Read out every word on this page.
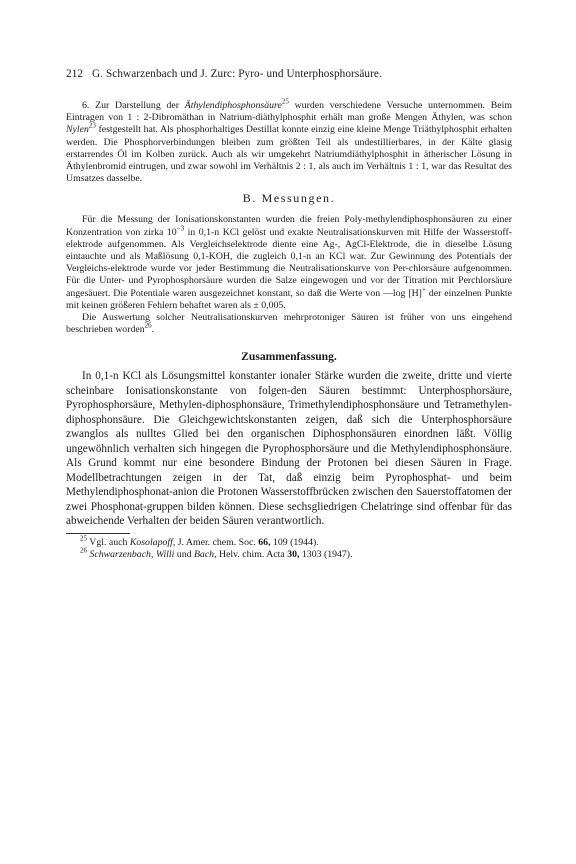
212 G. Schwarzenbach und J. Zurc: Pyro- und Unterphosphorsäure.

6. Zur Darstellung der Äthylendiphosphonsäure$^{25}$ wurden verschiedene Versuche unternommen. Beim Eintragen von 1 : 2-Dibromäthan in Natrium-diäthylphosphit erhält man große Mengen Äthylen, was schon Nylen$^{23}$ festgestellt hat. Als phosphorhaltiges Destillat konnte einzig eine kleine Menge Triäthylphosphit erhalten werden. Die Phosphorverbindungen bleiben zum größten Teil als undestillierbares, in der Kälte glasig erstarrendes Öl im Kolben zurück. Auch als wir umgekehrt Natriumdiäthylphosphit in ätherischer Lösung in Äthylenbromid eintrugen, und zwar sowohl im Verhältnis 2 : 1, als auch im Verhältnis 1 : 1, war das Resultat des Umsatzes dasselbe.

B. Messungen.

Für die Messung der Ionisationskonstanten wurden die freien Poly-methylendiphosphonsäuren zu einer Konzentration von zirka $10^{-3}$ in 0,1-n KCl gelöst und exakte Neutralisationskurven mit Hilfe der Wasserstoff-elektrode aufgenommen. Als Vergleichselektrode diente eine Ag-, AgCl-Elektrode, die in dieselbe Lösung eintauchte und als Maßlösung 0,1-KOH, die zugleich 0,1-n an KCl war. Zur Gewinnung des Potentials der Vergleichs-elektrode wurde vor jeder Bestimmung die Neutralisationskurve von Per-chlorsäure aufgenommen. Für die Unter- und Pyrophosphorsäure wurden die Salze eingewogen und vor der Titration mit Perchlorsäure angesäuert. Die Potentiale waren ausgezeichnet konstant, so daß die Werte von —log [H]+ der einzelnen Punkte mit keinen größeren Fehlern behaftet waren als ± 0,005.

Die Auswertung solcher Neutralisationskurven mehrprotoniger Säuren ist früher von uns eingehend beschrieben worden$^{26}$.

Zusammenfassung.

In 0,1-n KCl als Lösungsmittel konstanter ionaler Stärke wurden die zweite, dritte und vierte scheinbare Ionisationskonstante von folgen-den Säuren bestimmt: Unterphosphorsäure, Pyrophosphorsäure, Methylen-diphosphonsäure, Trimethylendiphosphonsäure und Tetramethylen-diphosphonsäure. Die Gleichgewichtskonstanten zeigen, daß sich die Unterphosphorsäure zwanglos als nulltes Glied bei den organischen Diphosphonsäuren einordnen läßt. Völlig ungewöhnlich verhalten sich hingegen die Pyrophosphorsäure und die Methylendiphosphonsäure. Als Grund kommt nur eine besondere Bindung der Protonen bei diesen Säuren in Frage. Modellbetrachtungen zeigen in der Tat, daß einzig beim Pyrophosphat- und beim Methylendiphosphonat-anion die Protonen Wasserstoffbrücken zwischen den Sauerstoffatomen der zwei Phosphonat-gruppen bilden können. Diese sechsgliedrigen Chelatringe sind offenbar für das abweichende Verhalten der beiden Säuren verantwortlich.

$^{25}$ Vgl. auch Kosolapoff, J. Amer. chem. Soc. 66, 109 (1944).

$^{26}$ Schwarzenbach, Willi und Bach, Helv. chim. Acta 30, 1303 (1947).
